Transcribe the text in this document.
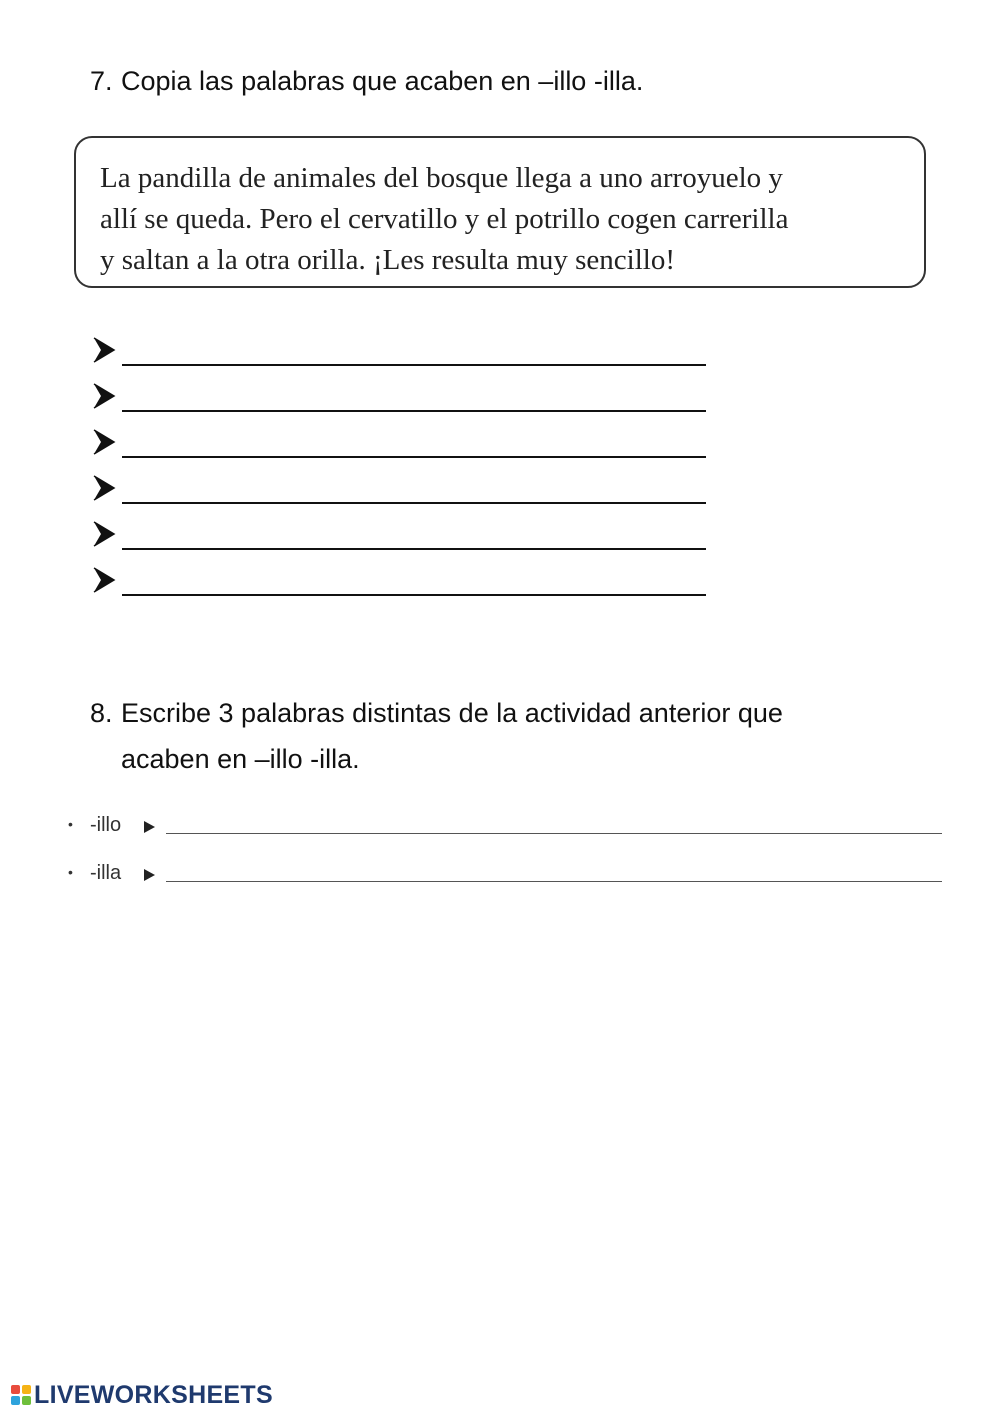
7. Copia las palabras que acaben en –illo -illa.

La pandilla de animales del bosque llega a uno arroyuelo y

allí se queda. Pero el cervatillo y el potrillo cogen carrerilla

y saltan a la otra orilla. ¡Les resulta muy sencillo!

8. Escribe 3 palabras distintas de la actividad anterior que
acaben en –illo -illa.
• -illo
• -illa
LIVEWORKSHEETS
